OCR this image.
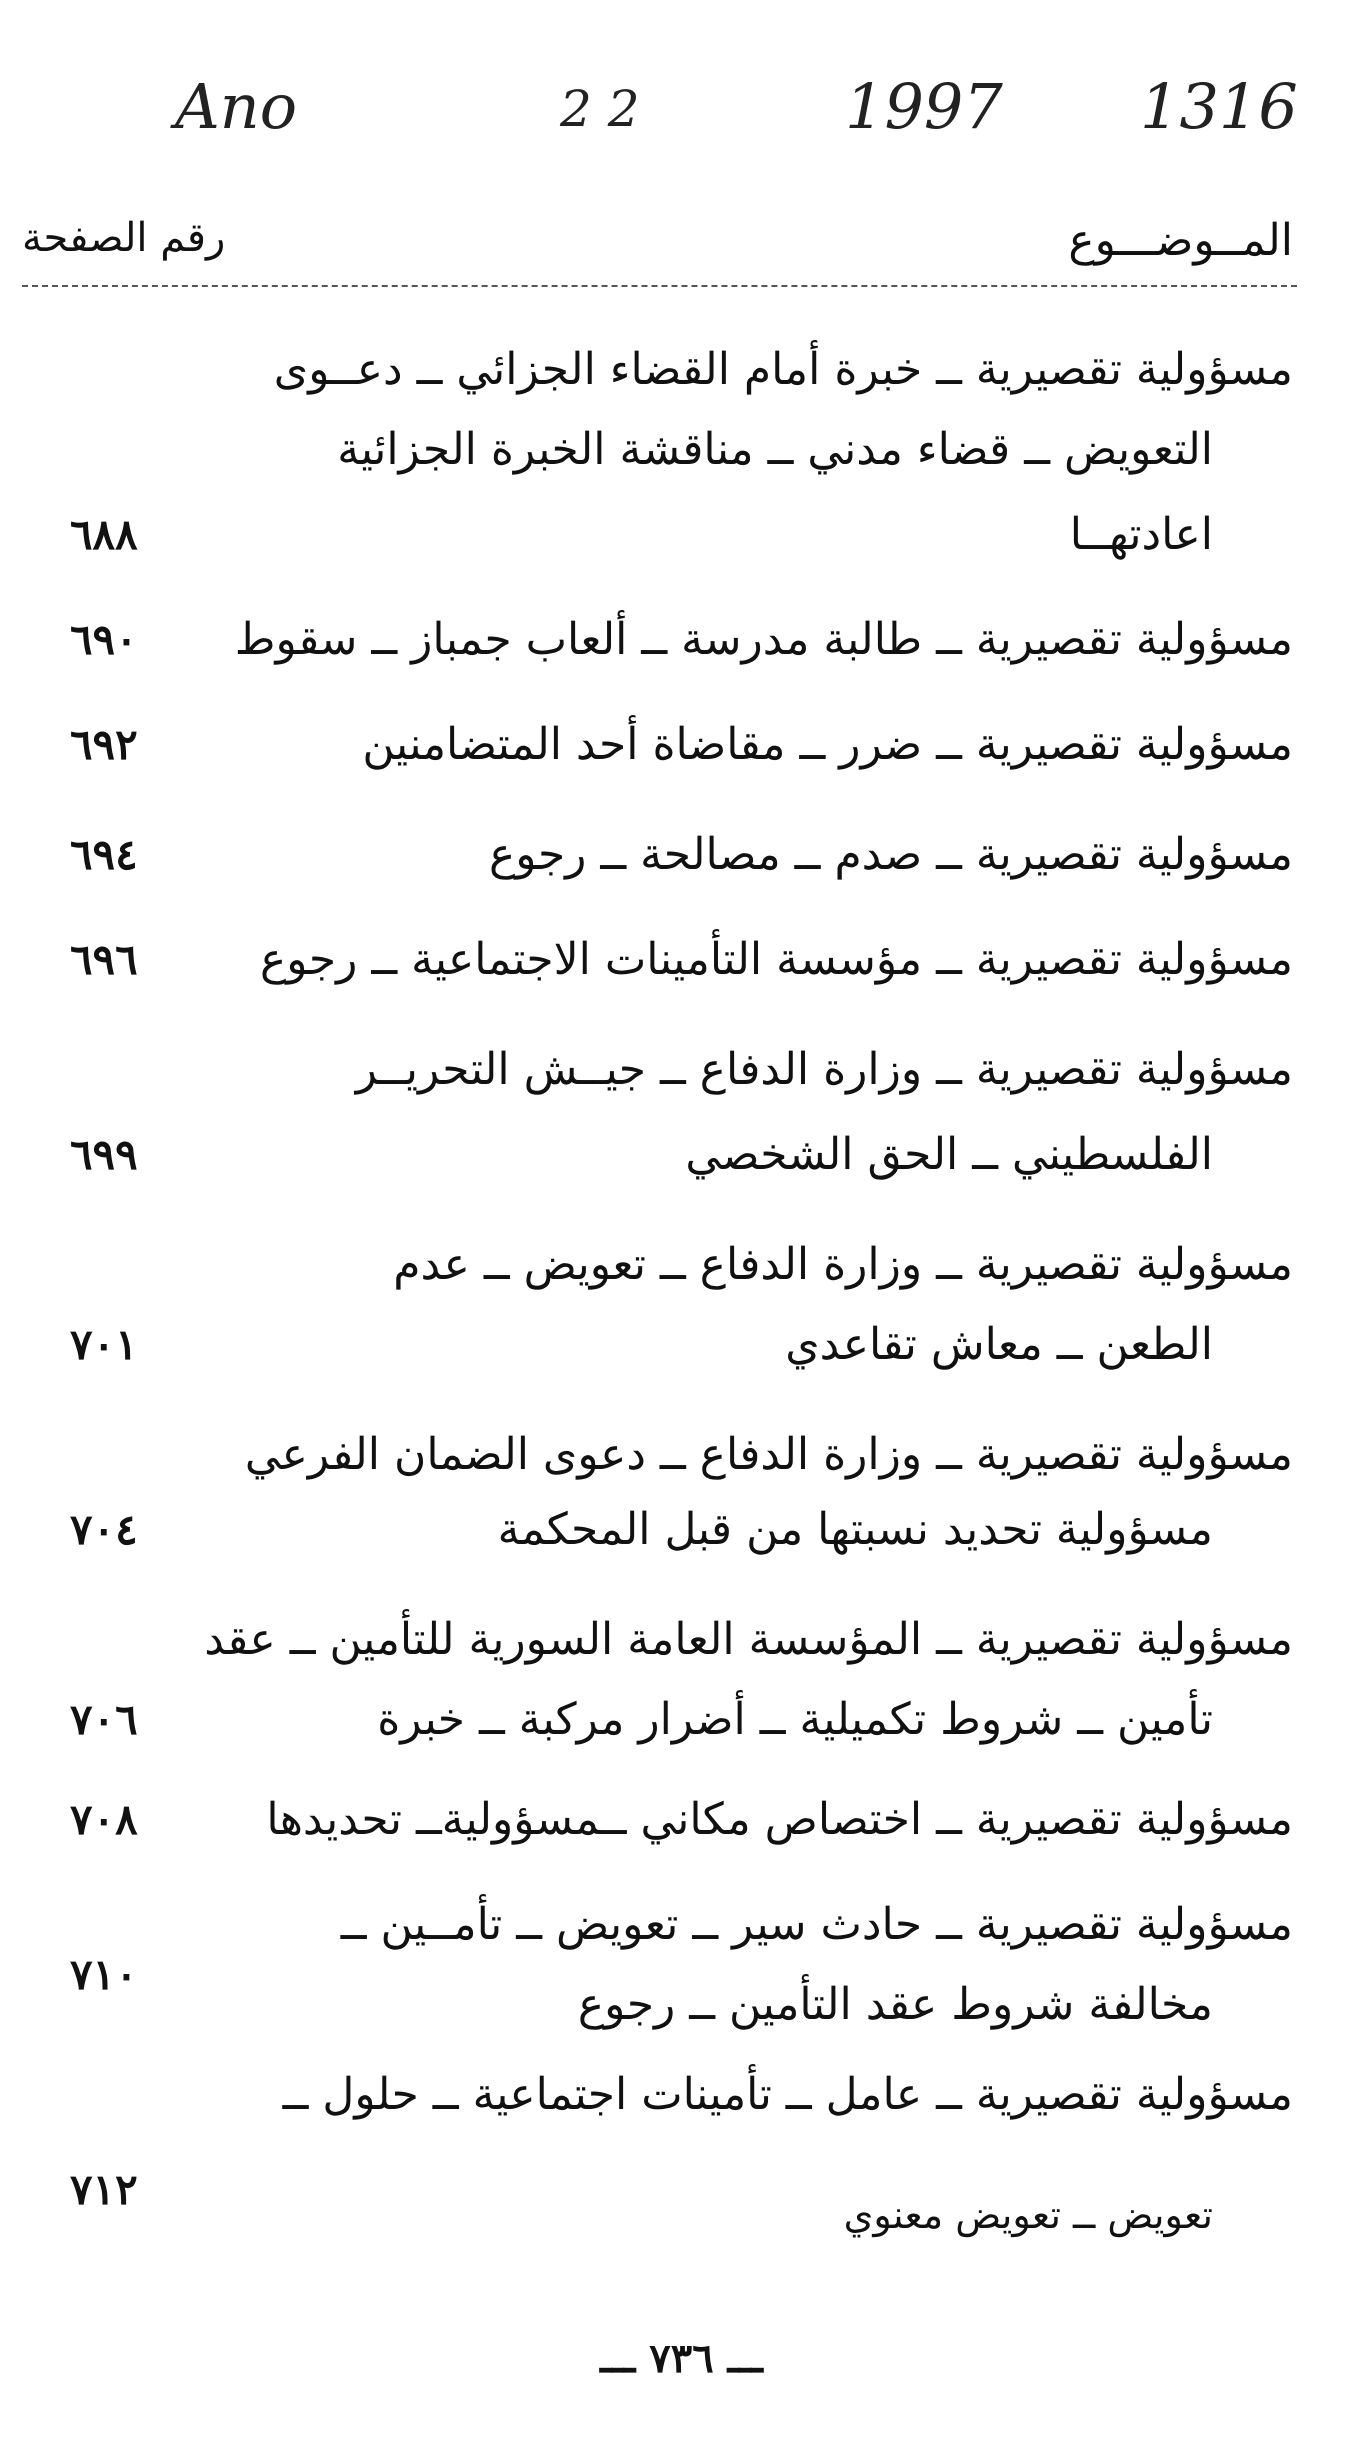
Ano	2 2	1997 1316
المــوضـــوع
رقم الصفحة
مسؤولية تقصيرية ــ خبرة أمام القضاء الجزائي ــ دعــوى
التعويض ــ قضاء مدني ــ مناقشة الخبرة الجزائية
اعادتهــا
٦٨٨
مسؤولية تقصيرية ــ طالبة مدرسة ــ ألعاب جمباز ــ سقوط
٦٩٠
مسؤولية تقصيرية ــ ضرر ــ مقاضاة أحد المتضامنين
٦٩٢
مسؤولية تقصيرية ــ صدم ــ مصالحة ــ رجوع
٦٩٤
مسؤولية تقصيرية ــ مؤسسة التأمينات الاجتماعية ــ رجوع
٦٩٦
مسؤولية تقصيرية ــ وزارة الدفاع ــ جيــش التحريــر
الفلسطيني ــ الحق الشخصي
٦٩٩
مسؤولية تقصيرية ــ وزارة الدفاع ــ تعويض ــ عدم
الطعن ــ معاش تقاعدي
٧٠١
مسؤولية تقصيرية ــ وزارة الدفاع ــ دعوى الضمان الفرعي
مسؤولية تحديد نسبتها من قبل المحكمة
٧٠٤
مسؤولية تقصيرية ــ المؤسسة العامة السورية للتأمين ــ عقد
تأمين ــ شروط تكميلية ــ أضرار مركبة ــ خبرة
٧٠٦
مسؤولية تقصيرية ــ اختصاص مكاني ــمسؤوليةــ تحديدها
٧٠٨
مسؤولية تقصيرية ــ حادث سير ــ تعويض ــ تأمــين ــ
مخالفة شروط عقد التأمين ــ رجوع
٧١٠
مسؤولية تقصيرية ــ عامل ــ تأمينات اجتماعية ــ حلول ــ
تعويض ــ تعويض معنوي
٧١٢
ـــ ٧٣٦ ـــ
